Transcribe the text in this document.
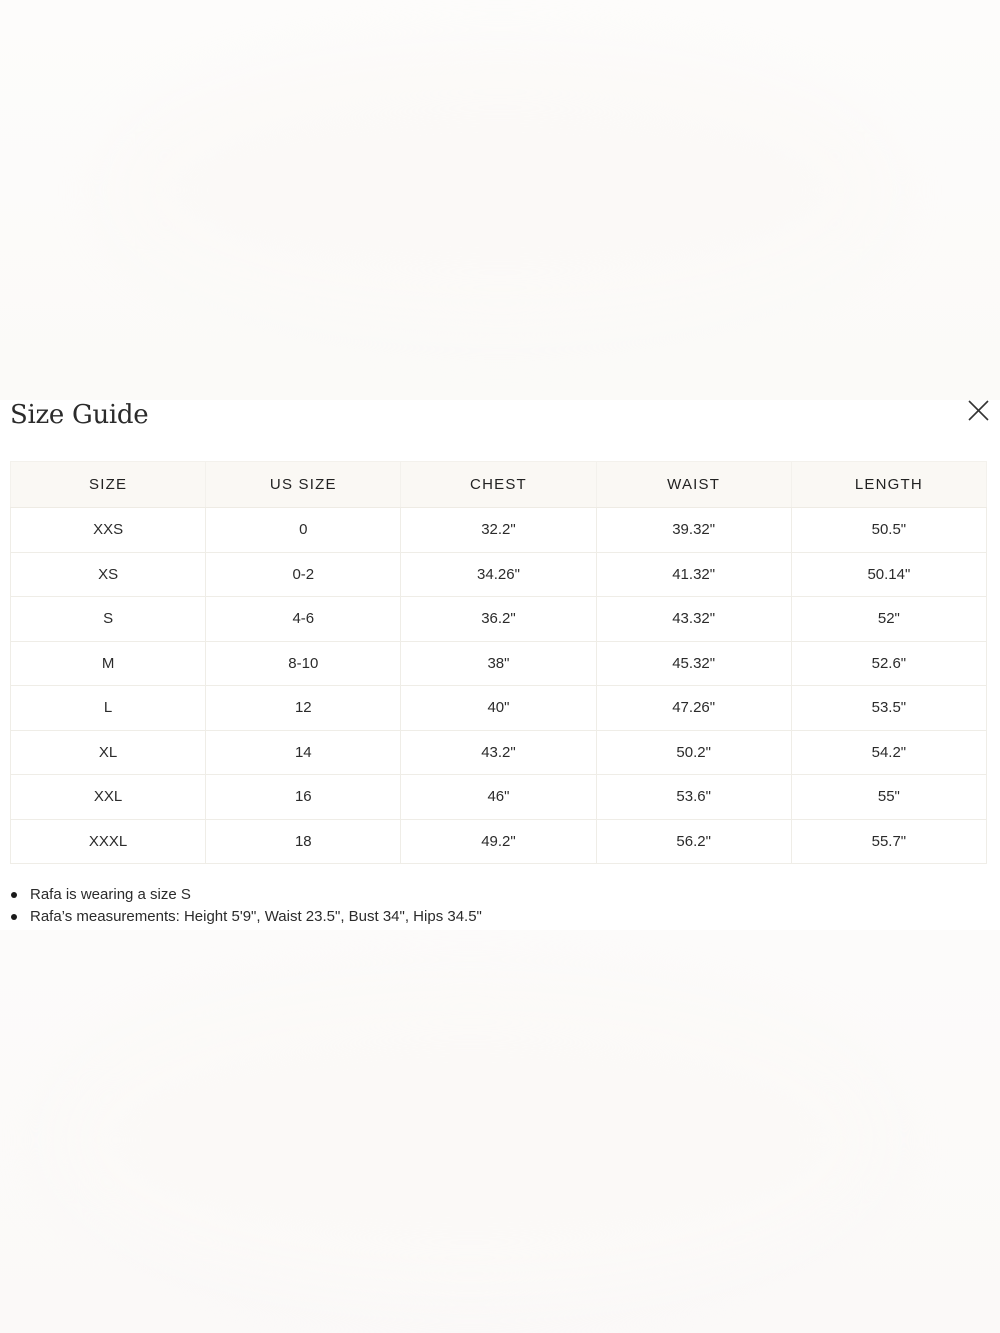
Size Guide
SIZE	US SIZE	CHEST	WAIST	LENGTH
XXS	0	32.2"	39.32"	50.5"
XS	0-2	34.26"	41.32"	50.14"
S	4-6	36.2"	43.32"	52"
M	8-10	38"	45.32"	52.6"
L	12	40"	47.26"	53.5"
XL	14	43.2"	50.2"	54.2"
XXL	16	46"	53.6"	55"
XXXL	18	49.2"	56.2"	55.7"
Rafa is wearing a size S
Rafa’s measurements: Height 5'9", Waist 23.5", Bust 34", Hips 34.5"
